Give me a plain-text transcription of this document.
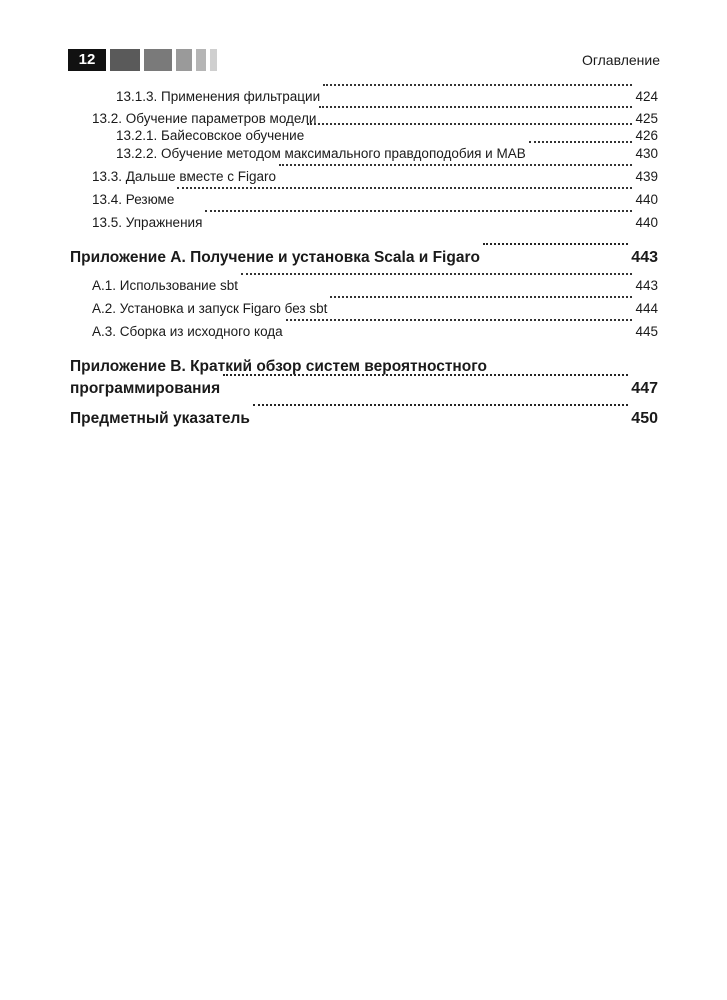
12	Оглавление
13.1.3. Применения фильтрации	424
13.2. Обучение параметров модели	425
13.2.1. Байесовское обучение	426
13.2.2. Обучение методом максимального правдоподобия и MAB	430
13.3. Дальше вместе с Figaro	439
13.4. Резюме	440
13.5. Упражнения	440
Приложение А. Получение и установка Scala и Figaro	443
А.1. Использование sbt	443
А.2. Установка и запуск Figaro без sbt	444
А.3. Сборка из исходного кода	445
Приложение В. Краткий обзор систем вероятностного
программирования	447
Предметный указатель	450
